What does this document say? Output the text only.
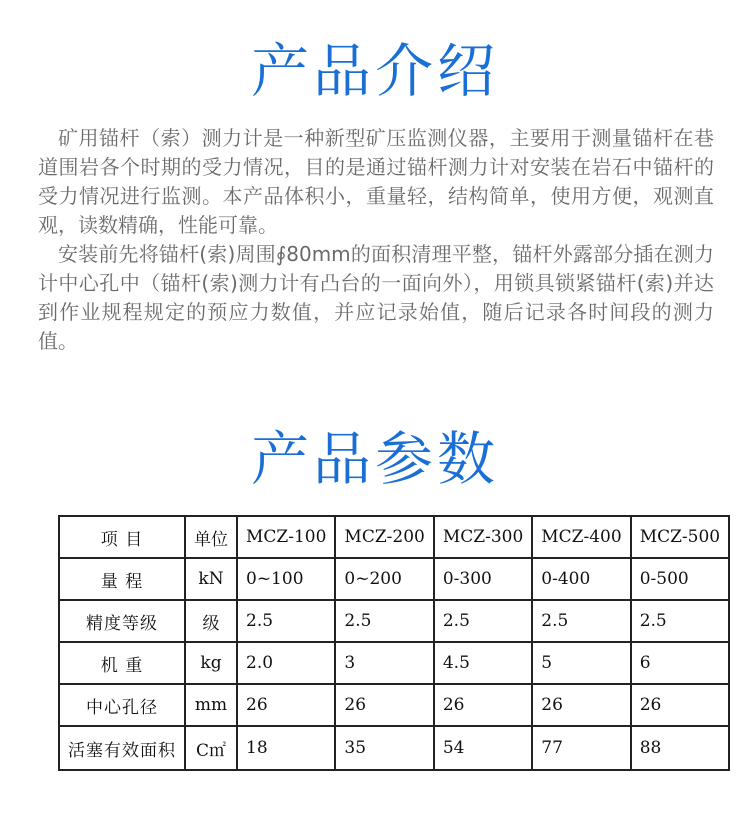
产品介绍

矿用锚杆（索）测力计是一种新型矿压监测仪器，主要用于测量锚杆在巷道围岩各个时期的受力情况，目的是通过锚杆测力计对安装在岩石中锚杆的受力情况进行监测。本产品体积小，重量轻，结构简单，使用方便，观测直观，读数精确，性能可靠。

安装前先将锚杆(索)周围∮80mm的面积清理平整，锚杆外露部分插在测力计中心孔中（锚杆(索)测力计有凸台的一面向外），用锁具锁紧锚杆(索)并达到作业规程规定的预应力数值，并应记录始值，随后记录各时间段的测力值。

产品参数
项 目	单位	MCZ-100	MCZ-200	MCZ-300	MCZ-400	MCZ-500
量 程	kN	0~100	0~200	0-300	0-400	0-500
精度等级	级	2.5	2.5	2.5	2.5	2.5
机 重	kg	2.0	3	4.5	5	6
中心孔径	mm	26	26	26	26	26
活塞有效面积	C㎡	18	35	54	77	88
